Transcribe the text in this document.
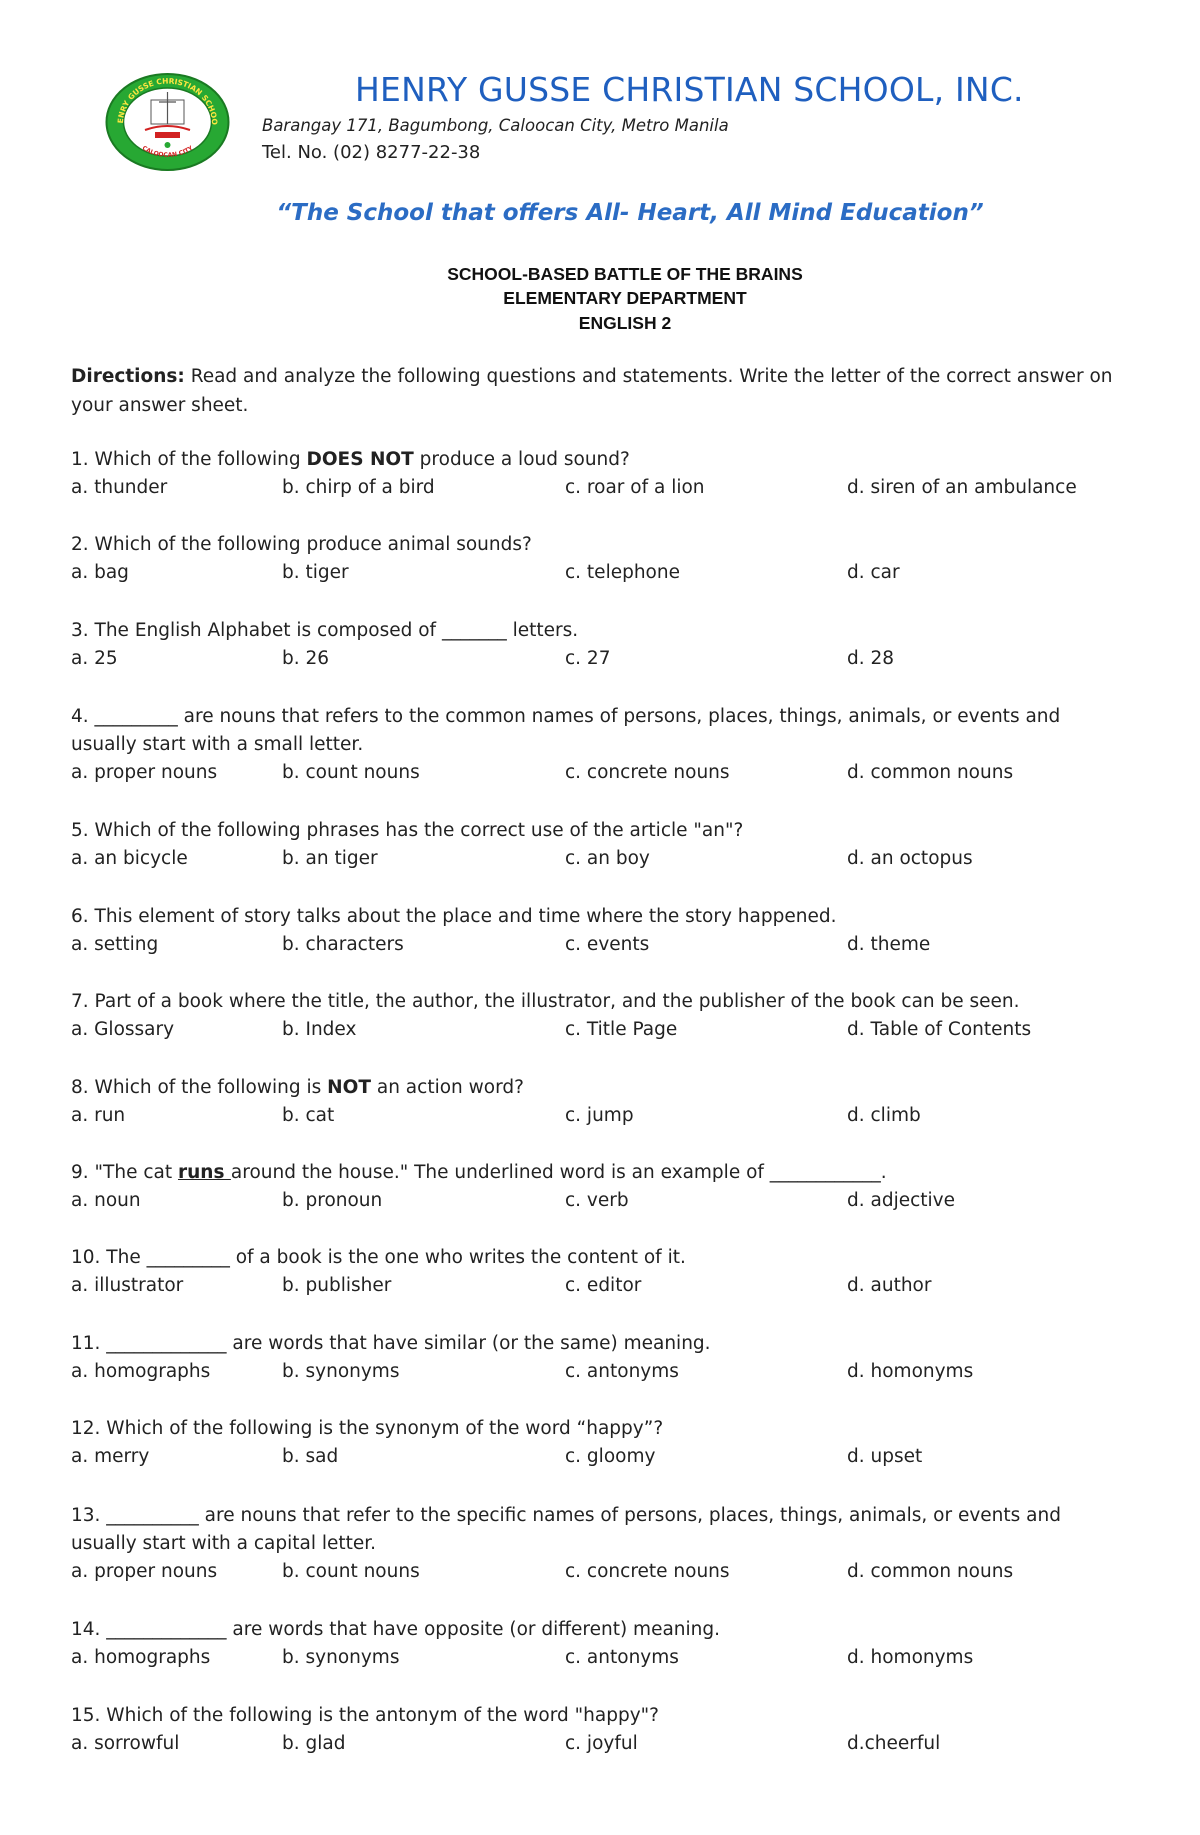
ENRY GUSSE CHRISTIAN SCHOO
CALOOCAN CITY
HENRY GUSSE CHRISTIAN SCHOOL, INC.
Barangay 171, Bagumbong, Caloocan City, Metro Manila
Tel. No. (02) 8277-22-38
“The School that offers All- Heart, All Mind Education”
SCHOOL-BASED BATTLE OF THE BRAINS
ELEMENTARY DEPARTMENT
ENGLISH 2
Directions: Read and analyze the following questions and statements. Write the letter of the correct answer on your answer sheet.
1. Which of the following DOES NOT produce a loud sound?
a. thunder	b. chirp of a bird	c. roar of a lion	d. siren of an ambulance
2. Which of the following produce animal sounds?
a. bag	b. tiger	c. telephone	d. car
3. The English Alphabet is composed of _______ letters.
a. 25	b. 26	c. 27	d. 28
4. _________ are nouns that refers to the common names of persons, places, things, animals, or events and usually start with a small letter.
a. proper nouns	b. count nouns	c. concrete nouns	d. common nouns
5. Which of the following phrases has the correct use of the article "an"?
a. an bicycle	b. an tiger	c. an boy	d. an octopus
6. This element of story talks about the place and time where the story happened.
a. setting	b. characters	c. events	d. theme
7. Part of a book where the title, the author, the illustrator, and the publisher of the book can be seen.
a. Glossary	b. Index	c. Title Page	d. Table of Contents
8. Which of the following is NOT an action word?
a. run	b. cat	c. jump	d. climb
9. "The cat runs around the house." The underlined word is an example of ____________.
a. noun	b. pronoun	c. verb	d. adjective
10. The _________ of a book is the one who writes the content of it.
a. illustrator	b. publisher	c. editor	d. author
11. _____________ are words that have similar (or the same) meaning.
a. homographs	b. synonyms	c. antonyms	d. homonyms
12. Which of the following is the synonym of the word “happy”?
a. merry	b. sad	c. gloomy	d. upset
13. __________ are nouns that refer to the specific names of persons, places, things, animals, or events and usually start with a capital letter.
a. proper nouns	b. count nouns	c. concrete nouns	d. common nouns
14. _____________ are words that have opposite (or different) meaning.
a. homographs	b. synonyms	c. antonyms	d. homonyms
15. Which of the following is the antonym of the word "happy"?
a. sorrowful	b. glad	c. joyful	d.cheerful
